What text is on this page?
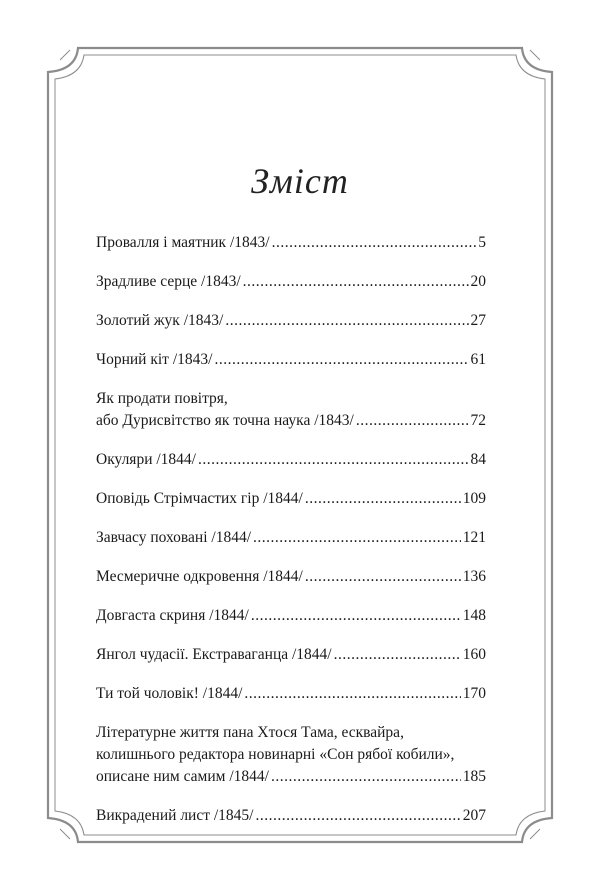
Зміст
Провалля і маятник /1843/ .....	5
Зрадливе серце /1843/ .....	20
Золотий жук /1843/ .....	27
Чорний кіт /1843/ .....	61
Як продати повітря,
або Дурисвітство як точна наука /1843/ .....	72
Окуляри /1844/ .....	84
Оповідь Стрімчастих гір /1844/ .....	109
Завчасу поховані /1844/ .....	121
Месмеричне одкровення /1844/ .....	136
Довгаста скриня /1844/ .....	148
Янгол чудасії. Екстраваганца /1844/ .....	160
Ти той чоловік! /1844/ .....	170
Літературне життя пана Хтося Тама, есквайра,
колишнього редактора новинарні «Сон рябої кобили»,
описане ним самим /1844/ .....	185
Викрадений лист /1845/ .....	207
